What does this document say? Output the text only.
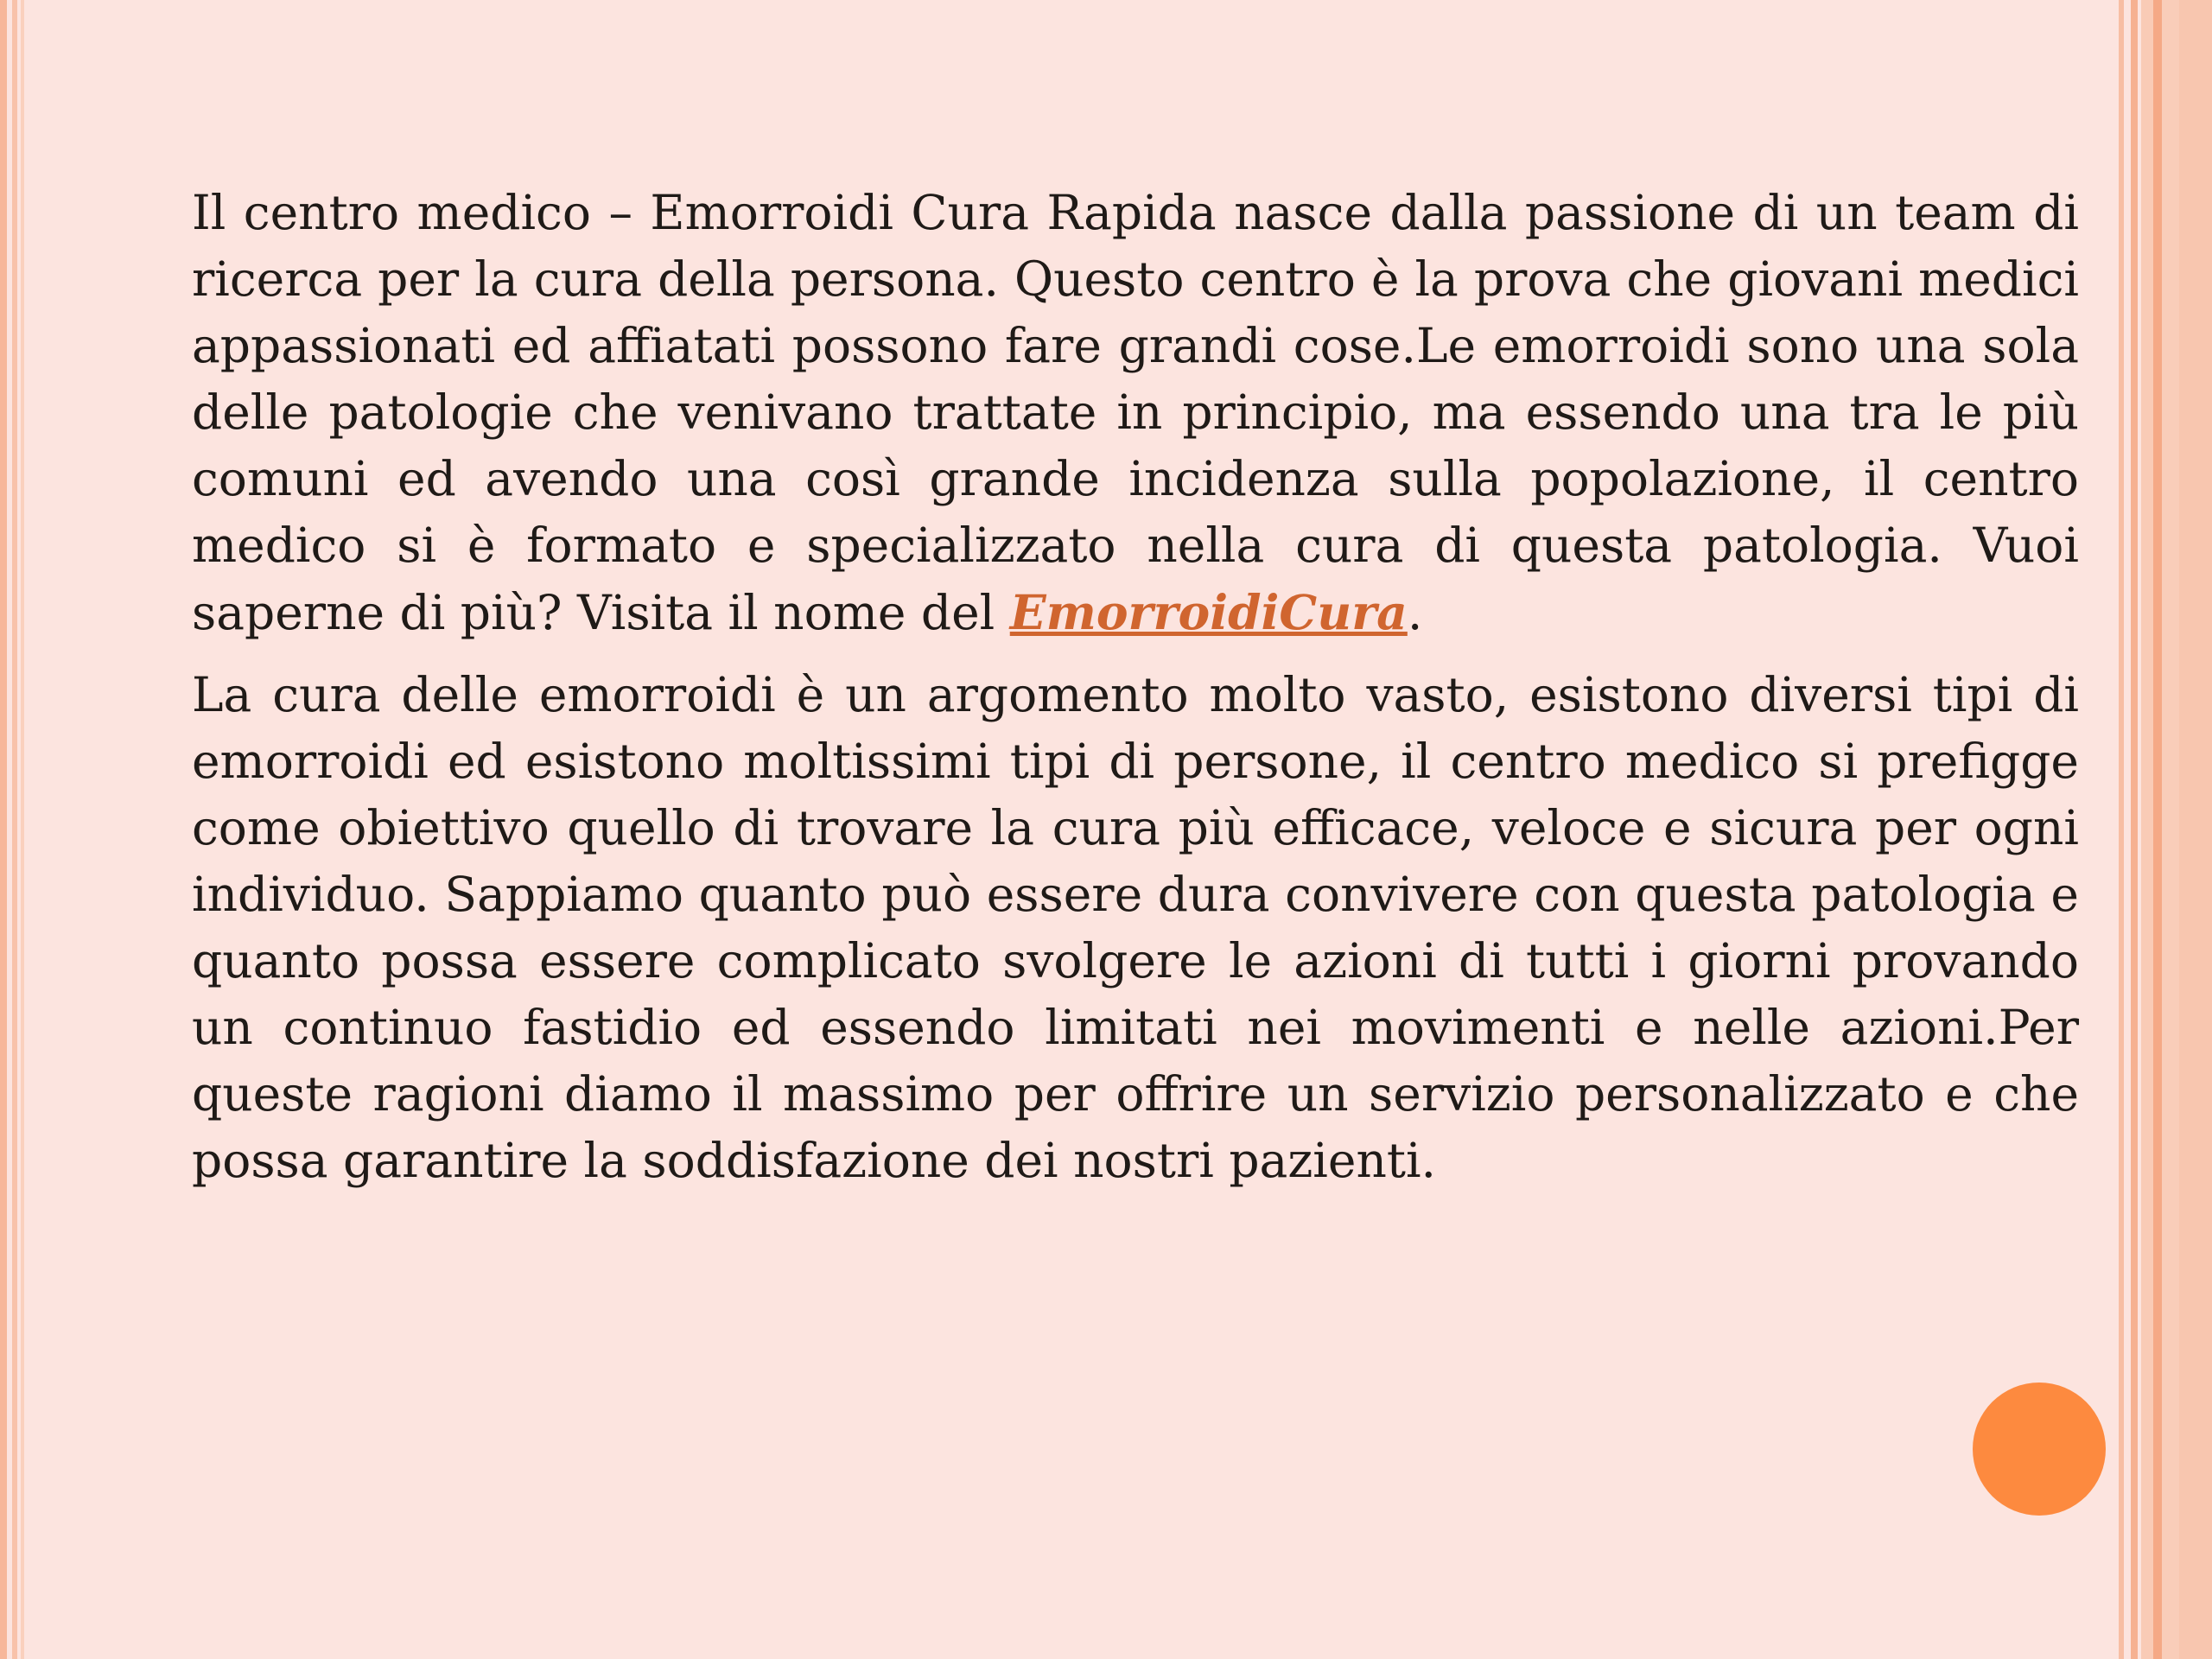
Il centro medico – Emorroidi Cura Rapida nasce dalla passione di un team di ricerca per la cura della persona. Questo centro è la prova che giovani medici appassionati ed affiatati possono fare grandi cose.Le emorroidi sono una sola delle patologie che venivano trattate in principio, ma essendo una tra le più comuni ed avendo una così grande incidenza sulla popolazione, il centro medico si è formato e specializzato nella cura di questa patologia. Vuoi saperne di più? Visita il nome del EmorroidiCura.

La cura delle emorroidi è un argomento molto vasto, esistono diversi tipi di emorroidi ed esistono moltissimi tipi di persone, il centro medico si prefigge come obiettivo quello di trovare la cura più efficace, veloce e sicura per ogni individuo. Sappiamo quanto può essere dura convivere con questa patologia e quanto possa essere complicato svolgere le azioni di tutti i giorni provando un continuo fastidio ed essendo limitati nei movimenti e nelle azioni.Per queste ragioni diamo il massimo per offrire un servizio personalizzato e che possa garantire la soddisfazione dei nostri pazienti.
